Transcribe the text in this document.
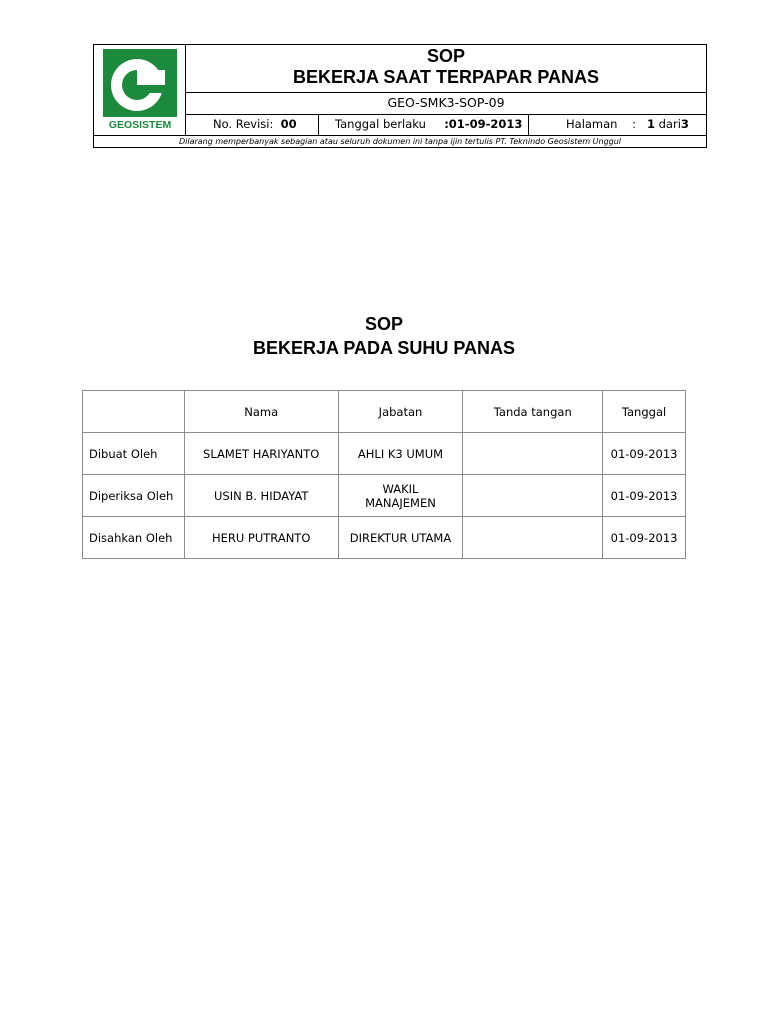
GEOSISTEM
SOP
BEKERJA SAAT TERPAPAR PANAS
GEO-SMK3-SOP-09
No. Revisi: 00	Tanggal berlaku :01-09-2013	Halaman : 1 dari3
Dilarang memperbanyak sebagian atau seluruh dokumen ini tanpa ijin tertulis PT. Teknindo Geosistem Unggul
SOP
BEKERJA PADA SUHU PANAS
	Nama	Jabatan	Tanda tangan	Tanggal
Dibuat Oleh	SLAMET HARIYANTO	AHLI K3 UMUM		01-09-2013
Diperiksa Oleh	USIN B. HIDAYAT	WAKIL MANAJEMEN		01-09-2013
Disahkan Oleh	HERU PUTRANTO	DIREKTUR UTAMA		01-09-2013
